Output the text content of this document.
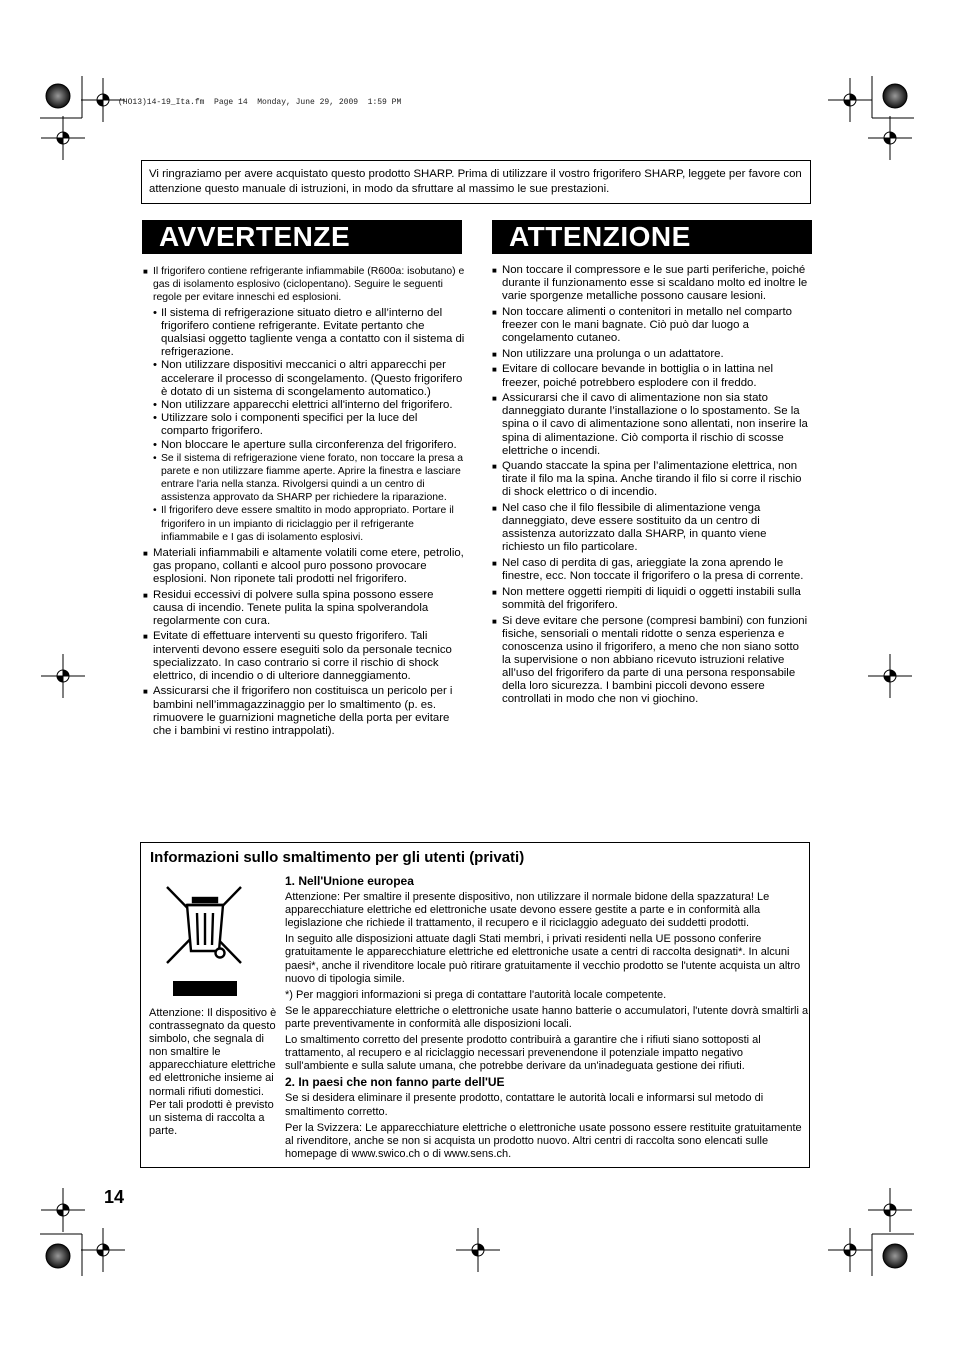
(HO13)14-19_Ita.fm  Page 14  Monday, June 29, 2009  1:59 PM
Vi ringraziamo per avere acquistato questo prodotto SHARP. Prima di utilizzare il vostro frigorifero SHARP, leggete per favore con attenzione questo manuale di istruzioni, in modo da sfruttare al massimo le sue prestazioni.
AVVERTENZE	ATTENZIONE
■ Il frigorifero contiene refrigerante infiammabile (R600a: isobutano) e gas di isolamento esplosivo (ciclopentano). Seguire le seguenti regole per evitare inneschi ed esplosioni.
• Il sistema di refrigerazione situato dietro e all’interno del frigorifero contiene refrigerante. Evitate pertanto che qualsiasi oggetto tagliente venga a contatto con il sistema di refrigerazione.
• Non utilizzare dispositivi meccanici o altri apparecchi per accelerare il processo di scongelamento. (Questo frigorifero è dotato di un sistema di scongelamento automatico.)
• Non utilizzare apparecchi elettrici all'interno del frigorifero.
• Utilizzare solo i componenti specifici per la luce del comparto frigorifero.
• Non bloccare le aperture sulla circonferenza del frigorifero.
• Se il sistema di refrigerazione viene forato, non toccare la presa a parete e non utilizzare fiamme aperte. Aprire la finestra e lasciare entrare l'aria nella stanza. Rivolgersi quindi a un centro di assistenza approvato da SHARP per richiedere la riparazione.
• Il frigorifero deve essere smaltito in modo appropriato. Portare il frigorifero in un impianto di riciclaggio per il refrigerante infiammabile e I gas di isolamento esplosivi.
■ Materiali infiammabili e altamente volatili come etere, petrolio, gas propano, collanti e alcool puro possono provocare esplosioni. Non riponete tali prodotti nel frigorifero.
■ Residui eccessivi di polvere sulla spina possono essere causa di incendio. Tenete pulita la spina spolverandola regolarmente con cura.
■ Evitate di effettuare interventi su questo frigorifero. Tali interventi devono essere eseguiti solo da personale tecnico specializzato. In caso contrario si corre il rischio di shock elettrico, di incendio o di ulteriore danneggiamento.
■ Assicurarsi che il frigorifero non costituisca un pericolo per i bambini nell’immagazzinaggio per lo smaltimento (p. es. rimuovere le guarnizioni magnetiche della porta per evitare che i bambini vi restino intrappolati).
■ Non toccare il compressore e le sue parti periferiche, poiché durante il funzionamento esse si scaldano molto ed inoltre le varie sporgenze metalliche possono causare lesioni.
■ Non toccare alimenti o contenitori in metallo nel comparto freezer con le mani bagnate. Ciò può dar luogo a congelamento cutaneo.
■ Non utilizzare una prolunga o un adattatore.
■ Evitare di collocare bevande in bottiglia o in lattina nel freezer, poiché potrebbero esplodere con il freddo.
■ Assicurarsi che il cavo di alimentazione non sia stato danneggiato durante l’installazione o lo spostamento. Se la spina o il cavo di alimentazione sono allentati, non inserire la spina di alimentazione. Ciò comporta il rischio di scosse elettriche o incendi.
■ Quando staccate la spina per l’alimentazione elettrica, non tirate il filo ma la spina. Anche tirando il filo si corre il rischio di shock elettrico o di incendio.
■ Nel caso che il filo flessibile di alimentazione venga danneggiato, deve essere sostituito da un centro di assistenza autorizzato dalla SHARP, in quanto viene richiesto un filo particolare.
■ Nel caso di perdita di gas, arieggiate la zona aprendo le finestre, ecc. Non toccate il frigorifero o la presa di corrente.
■ Non mettere oggetti riempiti di liquidi o oggetti instabili sulla sommità del frigorifero.
■ Si deve evitare che persone (compresi bambini) con funzioni fisiche, sensoriali o mentali ridotte o senza esperienza e conoscenza usino il frigorifero, a meno che non siano sotto la supervisione o non abbiano ricevuto istruzioni relative all’uso del frigorifero da parte di una persona responsabile della loro sicurezza. I bambini piccoli devono essere controllati in modo che non vi giochino.
Informazioni sullo smaltimento per gli utenti (privati)
Attenzione: Il dispositivo è contrassegnato da questo simbolo, che segnala di non smaltire le apparecchiature elettriche ed elettroniche insieme ai normali rifiuti domestici. Per tali prodotti è previsto un sistema di raccolta a parte.
1. Nell'Unione europea

Attenzione: Per smaltire il presente dispositivo, non utilizzare il normale bidone della spazzatura! Le apparecchiature elettriche ed elettroniche usate devono essere gestite a parte e in conformità alla legislazione che richiede il trattamento, il recupero e il riciclaggio adeguato dei suddetti prodotti.

In seguito alle disposizioni attuate dagli Stati membri, i privati residenti nella UE possono conferire gratuitamente le apparecchiature elettriche ed elettroniche usate a centri di raccolta designati*. In alcuni paesi*, anche il rivenditore locale può ritirare gratuitamente il vecchio prodotto se l'utente acquista un altro nuovo di tipologia simile.

*) Per maggiori informazioni si prega di contattare l'autorità locale competente.

Se le apparecchiature elettriche o elettroniche usate hanno batterie o accumulatori, l'utente dovrà smaltirli a parte preventivamente in conformità alle disposizioni locali.

Lo smaltimento corretto del presente prodotto contribuirà a garantire che i rifiuti siano sottoposti al trattamento, al recupero e al riciclaggio necessari prevenendone il potenziale impatto negativo sull'ambiente e sulla salute umana, che potrebbe derivare da un'inadeguata gestione dei rifiuti.

2. In paesi che non fanno parte dell'UE

Se si desidera eliminare il presente prodotto, contattare le autorità locali e informarsi sul metodo di smaltimento corretto.

Per la Svizzera: Le apparecchiature elettriche o elettroniche usate possono essere restituite gratuitamente al rivenditore, anche se non si acquista un prodotto nuovo. Altri centri di raccolta sono elencati sulle homepage di www.swico.ch o di www.sens.ch.

14
